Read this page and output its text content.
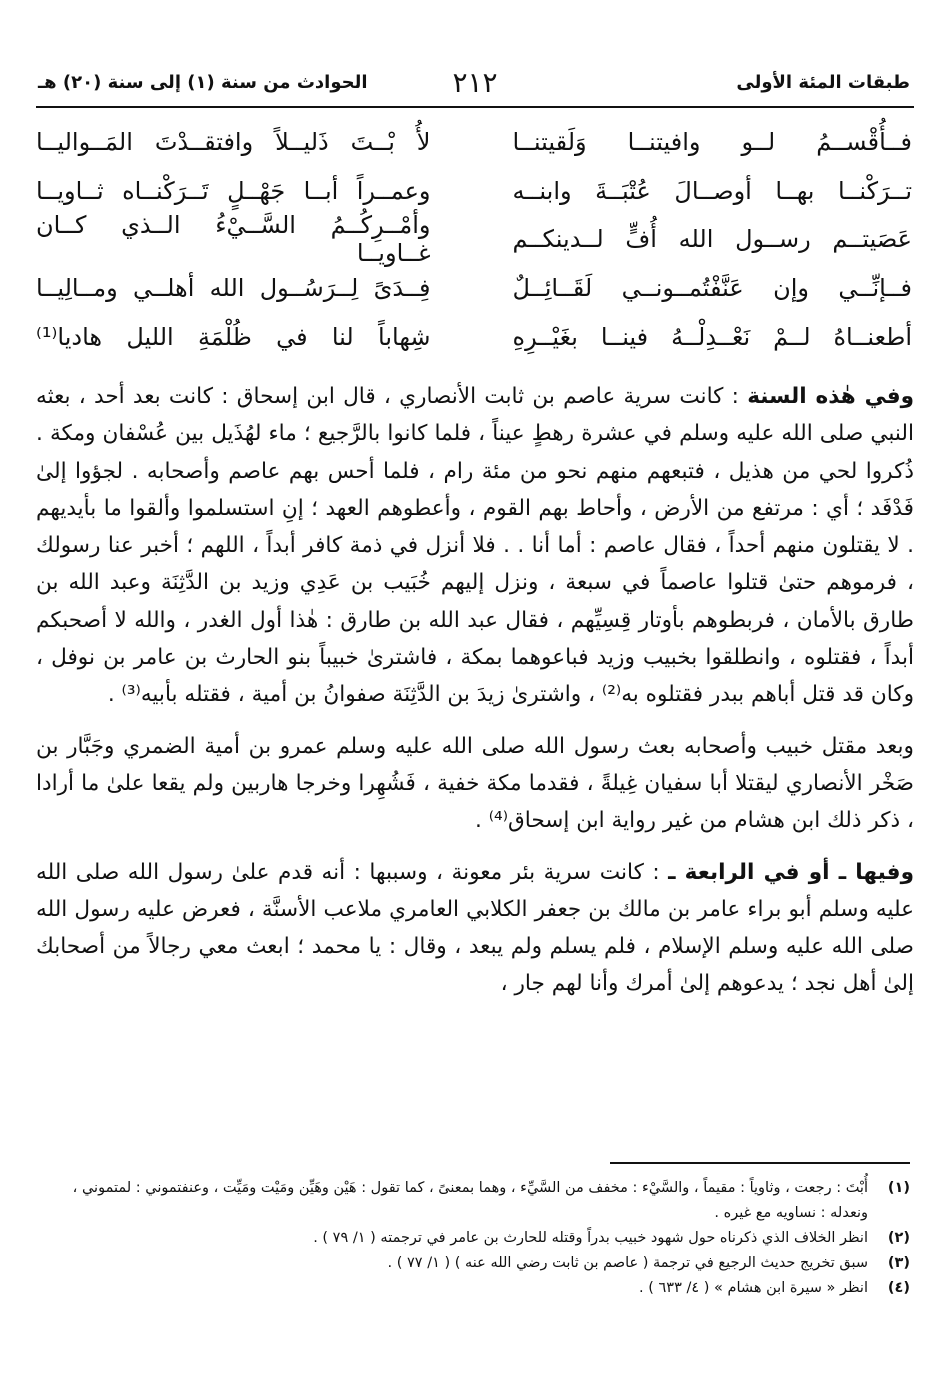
طبقات المئة الأولى
٢١٢
الحوادث من سنة (١) إلى سنة (٢٠) هـ
فــأُقْســمُ لــو وافيتنــا وَلَقيتنــا
لأُ بْــتَ ذَليــلاً وافتقــدْتَ المَــواليــا
تــرَكْنــا بهــا أوصــالَ عُتْبَــةَ وابنــه
وعمــراً أبــا جَهْــلٍ تَــرَكْنــاه ثــاويــا
عَصَيتــم رســول الله أُفٍّ لــدينكــم
وأمْــرِكُــمُ السَّــيْءُ الــذي كــان غــاويــا
فــإنِّــي وإن عَنَّفْتُمــونــي لَقَــائِــلٌ
فِــدَىً لِــرَسُــول الله أهلــي ومــالِيــا
أطعنــاهُ لــمْ نَعْــدِلْــهُ فينــا بغَيْــرِهِ
شِهاباً لنا في ظُلْمَةِ الليل هاديا⁽¹⁾

وفي هٰذه السنة : كانت سرية عاصم بن ثابت الأنصاري ، قال ابن إسحاق : كانت بعد أحد ، بعثه النبي صلى الله عليه وسلم في عشرة رهطٍ عيناً ، فلما كانوا بالرَّجيع ؛ ماء لهُذَيل بين عُسْفان ومكة . ذُكروا لحي من هذيل ، فتبعهم منهم نحو من مئة رام ، فلما أحس بهم عاصم وأصحابه . لجؤوا إلىٰ فَدْفَد ؛ أي : مرتفع من الأرض ، وأحاط بهم القوم ، وأعطوهم العهد ؛ إنِ استسلموا وألقوا ما بأيديهم . لا يقتلون منهم أحداً ، فقال عاصم : أما أنا . . فلا أنزل في ذمة كافر أبداً ، اللهم ؛ أخبر عنا رسولك ، فرموهم حتىٰ قتلوا عاصماً في سبعة ، ونزل إليهم خُبَيب بن عَدِي وزيد بن الدَّثِنَة وعبد الله بن طارق بالأمان ، فربطوهم بأوتار قِسِيِّهم ، فقال عبد الله بن طارق : هٰذا أول الغدر ، والله لا أصحبكم أبداً ، فقتلوه ، وانطلقوا بخبيب وزيد فباعوهما بمكة ، فاشترىٰ خبيباً بنو الحارث بن عامر بن نوفل ، وكان قد قتل أباهم ببدر فقتلوه به⁽²⁾ ، واشترىٰ زيدَ بن الدَّثِنَة صفوانُ بن أمية ، فقتله بأبيه⁽³⁾ .

وبعد مقتل خبيب وأصحابه بعث رسول الله صلى الله عليه وسلم عمرو بن أمية الضمري وجَبَّار بن صَخْر الأنصاري ليقتلا أبا سفيان غِيلةً ، فقدما مكة خفية ، فَشُهِرا وخرجا هاربين ولم يقعا علىٰ ما أرادا ، ذكر ذلك ابن هشام من غير رواية ابن إسحاق⁽⁴⁾ .

وفيها ـ أو في الرابعة ـ : كانت سرية بئر معونة ، وسببها : أنه قدم علىٰ رسول الله صلى الله عليه وسلم أبو براء عامر بن مالك بن جعفر الكلابي العامري ملاعب الأسنَّة ، فعرض عليه رسول الله صلى الله عليه وسلم الإسلام ، فلم يسلم ولم يبعد ، وقال : يا محمد ؛ ابعث معي رجالاً من أصحابك إلىٰ أهل نجد ؛ يدعوهم إلىٰ أمرك وأنا لهم جار ،

(١)
أُبْتَ : رجعت ، وثاوياً : مقيماً ، والسَّيْء : مخفف من السَّيِّء ، وهما بمعنىً ، كما تقول : هَيْن وهَيِّن ومَيْت ومَيِّت ، وعنفتموني : لمتموني ، ونعدله : نساويه مع غيره .
(٢)
انظر الخلاف الذي ذكرناه حول شهود خبيب بدراً وقتله للحارث بن عامر في ترجمته ( ١/ ٧٩ ) .
(٣)
سبق تخريج حديث الرجيع في ترجمة ( عاصم بن ثابت رضي الله عنه ) ( ١/ ٧٧ ) .
(٤)
انظر « سيرة ابن هشام » ( ٤/ ٦٣٣ ) .
